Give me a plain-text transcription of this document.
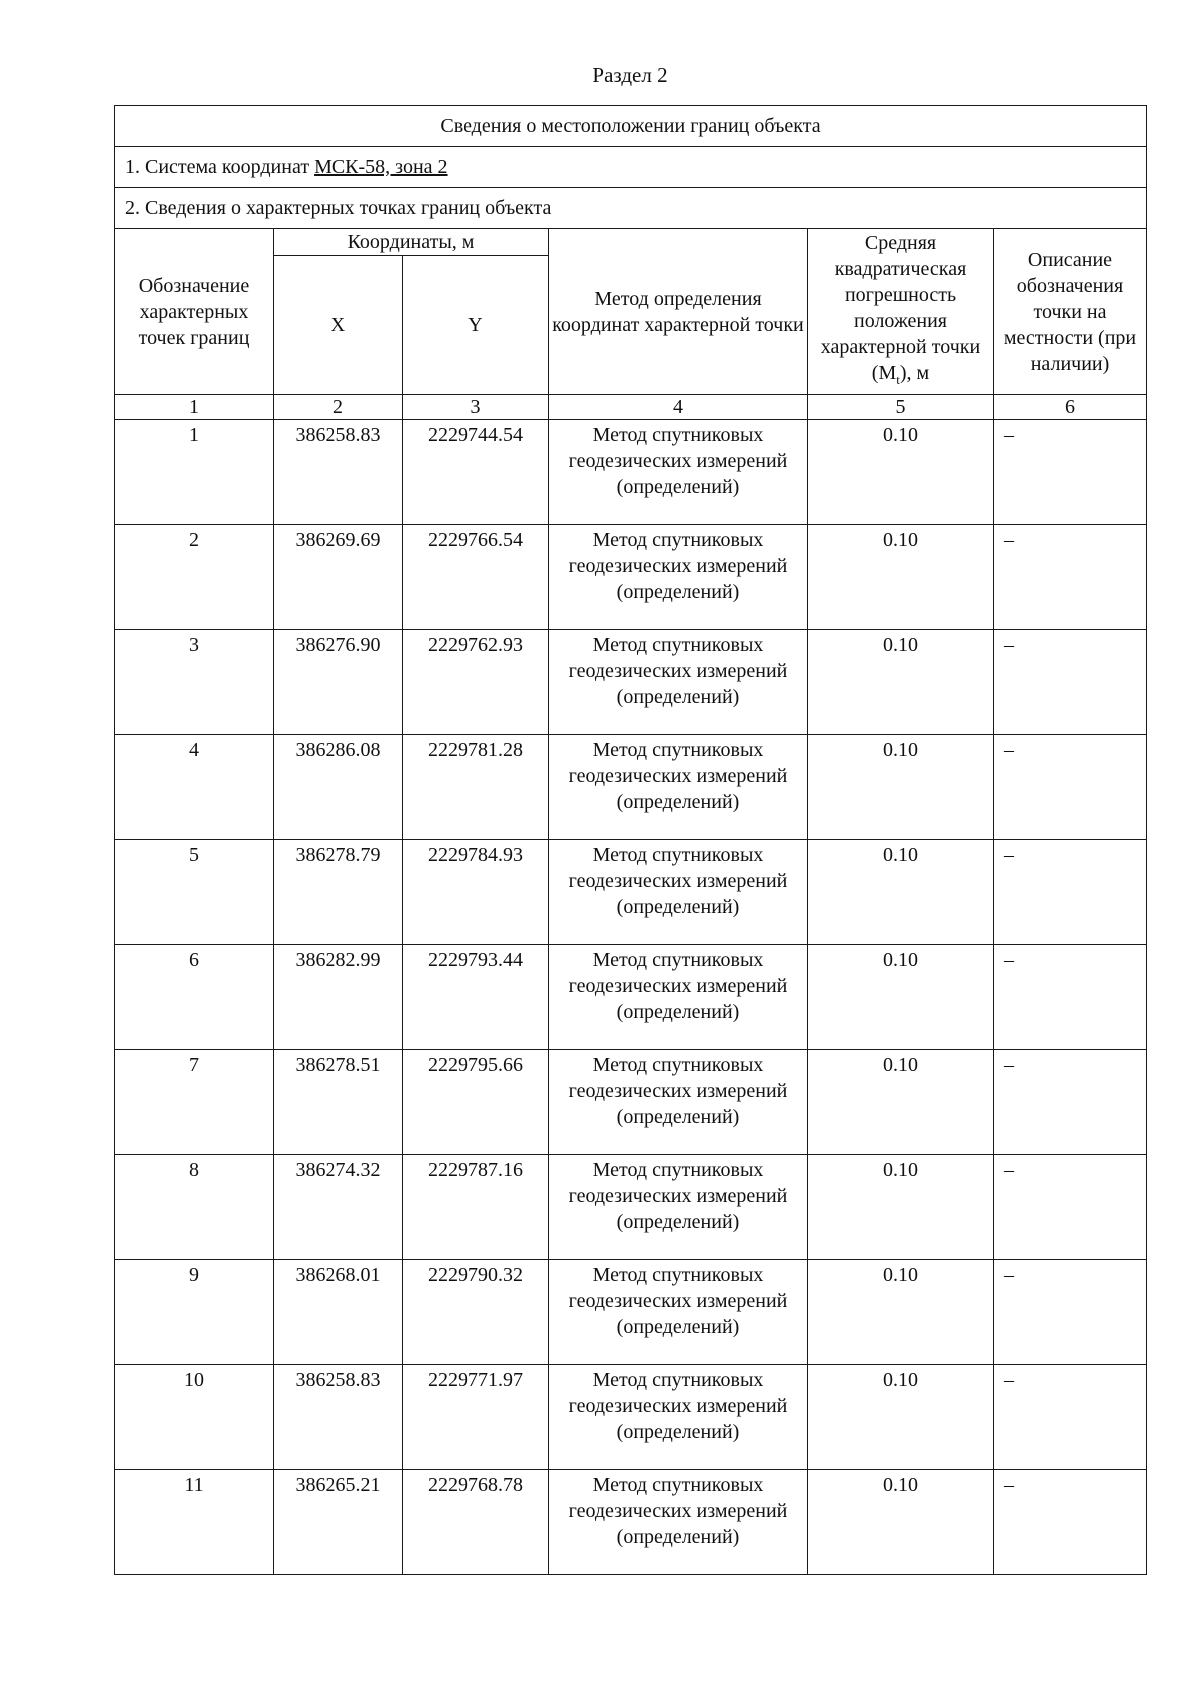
Раздел 2
Сведения о местоположении границ объекта					
1. Система координат МСК-58, зона 2					
2. Сведения о характерных точках границ объекта					
Обозначение характерных точек границ	Координаты, м		Метод определения координат характерной точки	Средняя квадратическая погрешность положения характерной точки $(M_t)$, м	Описание обозначения точки на местности (при наличии)
	X	Y			
1	2	3	4	5	6
1	386258.83	2229744.54	Метод спутниковых геодезических измерений (определений)	0.10	–
2	386269.69	2229766.54	Метод спутниковых геодезических измерений (определений)	0.10	–
3	386276.90	2229762.93	Метод спутниковых геодезических измерений (определений)	0.10	–
4	386286.08	2229781.28	Метод спутниковых геодезических измерений (определений)	0.10	–
5	386278.79	2229784.93	Метод спутниковых геодезических измерений (определений)	0.10	–
6	386282.99	2229793.44	Метод спутниковых геодезических измерений (определений)	0.10	–
7	386278.51	2229795.66	Метод спутниковых геодезических измерений (определений)	0.10	–
8	386274.32	2229787.16	Метод спутниковых геодезических измерений (определений)	0.10	–
9	386268.01	2229790.32	Метод спутниковых геодезических измерений (определений)	0.10	–
10	386258.83	2229771.97	Метод спутниковых геодезических измерений (определений)	0.10	–
11	386265.21	2229768.78	Метод спутниковых геодезических измерений (определений)	0.10	–
